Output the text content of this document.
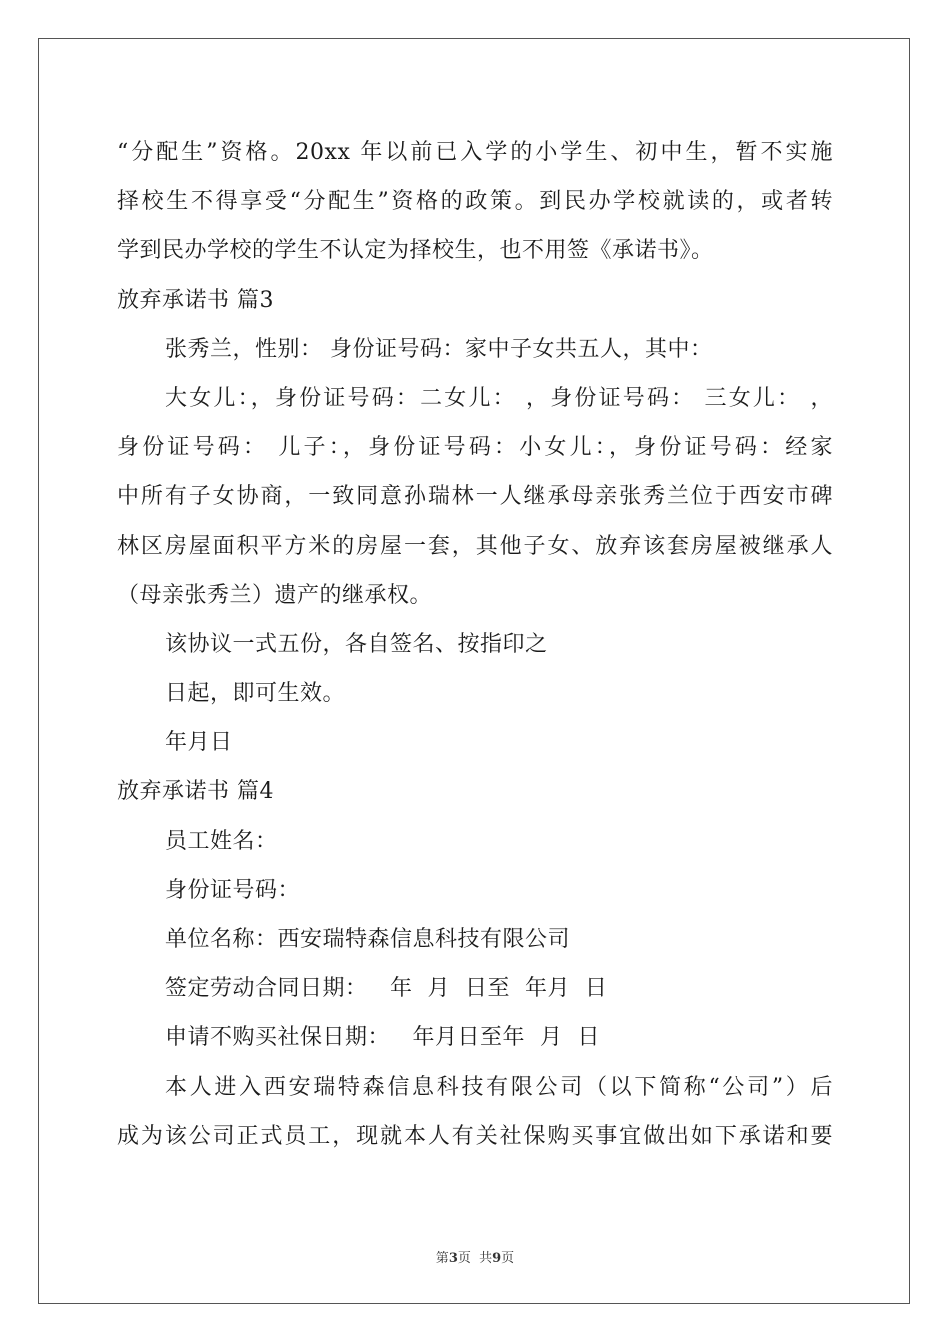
“分配生”资格。20xx 年以前已入学的小学生、初中生，暂不实施
择校生不得享受“分配生”资格的政策。到民办学校就读的，或者转
学到民办学校的学生不认定为择校生，也不用签《承诺书》。
放弃承诺书 篇3
张秀兰，性别： 身份证号码：家中子女共五人，其中：
大女儿：，身份证号码：二女儿： ，身份证号码： 三女儿： ，
身份证号码： 儿子：，身份证号码：小女儿：，身份证号码：经家
中所有子女协商，一致同意孙瑞林一人继承母亲张秀兰位于西安市碑
林区房屋面积平方米的房屋一套，其他子女、放弃该套房屋被继承人
（母亲张秀兰）遗产的继承权。
该协议一式五份，各自签名、按指印之
日起，即可生效。
年月日
放弃承诺书 篇4
员工姓名：
身份证号码：
单位名称：西安瑞特森信息科技有限公司
签定劳动合同日期：   年  月  日至  年月  日
申请不购买社保日期：   年月日至年  月  日
本人进入西安瑞特森信息科技有限公司（以下简称“公司”）后
成为该公司正式员工，现就本人有关社保购买事宜做出如下承诺和要
第3页  共9页
